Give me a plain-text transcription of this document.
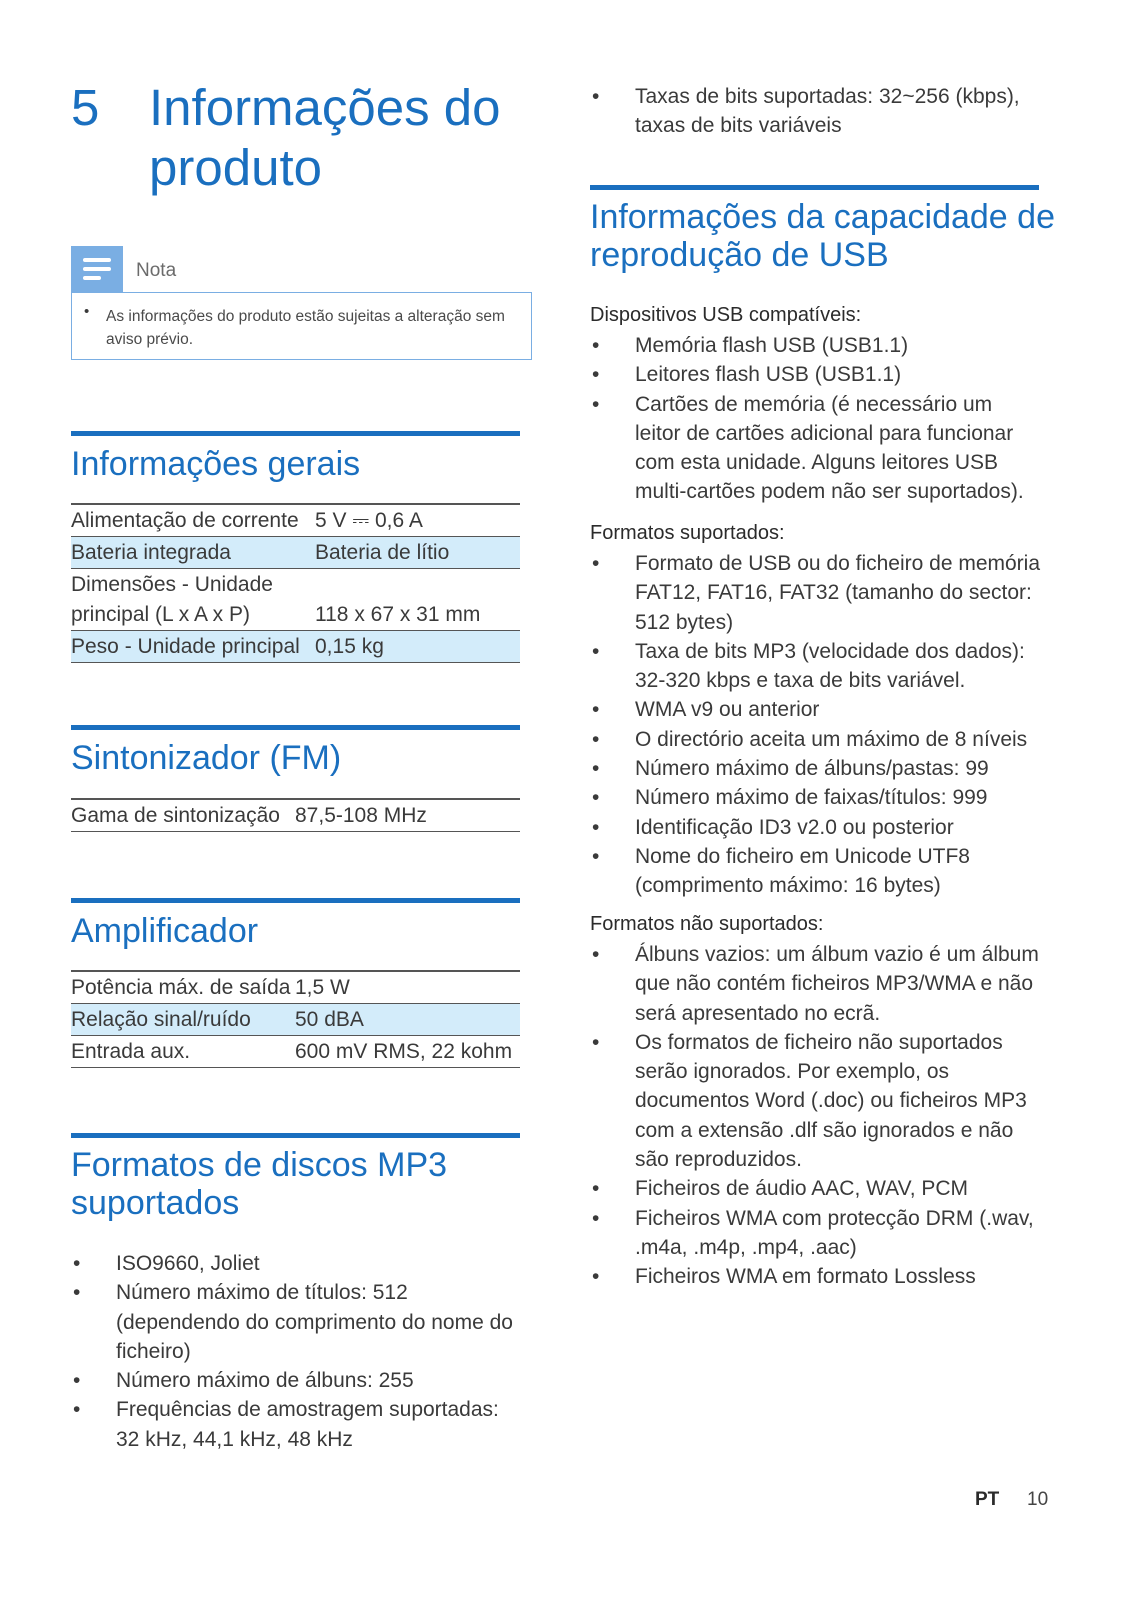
5 Informações do
produto
Nota
• As informações do produto estão sujeitas a alteração sem aviso prévio.
Informações gerais
Alimentação de corrente	5 V ⎓ 0,6 A
Bateria integrada	Bateria de lítio
Dimensões - Unidade
principal (L x A x P)	118 x 67 x 31 mm
Peso - Unidade principal	0,15 kg
Sintonizador (FM)
Gama de sintonização	87,5-108 MHz
Amplificador
Potência máx. de saída	1,5 W
Relação sinal/ruído	50 dBA
Entrada aux.	600 mV RMS, 22 kohm
Formatos de discos MP3
suportados
• ISO9660, Joliet
• Número máximo de títulos: 512 (dependendo do comprimento do nome do ficheiro)
• Número máximo de álbuns: 255
• Frequências de amostragem suportadas: 32 kHz, 44,1 kHz, 48 kHz
• Taxas de bits suportadas: 32~256 (kbps), taxas de bits variáveis
Informações da capacidade de
reprodução de USB
Dispositivos USB compatíveis:
• Memória flash USB (USB1.1)
• Leitores flash USB (USB1.1)
• Cartões de memória (é necessário um leitor de cartões adicional para funcionar com esta unidade. Alguns leitores USB multi-cartões podem não ser suportados).
Formatos suportados:
• Formato de USB ou do ficheiro de memória FAT12, FAT16, FAT32 (tamanho do sector: 512 bytes)
• Taxa de bits MP3 (velocidade dos dados): 32-320 kbps e taxa de bits variável.
• WMA v9 ou anterior
• O directório aceita um máximo de 8 níveis
• Número máximo de álbuns/pastas: 99
• Número máximo de faixas/títulos: 999
• Identificação ID3 v2.0 ou posterior
• Nome do ficheiro em Unicode UTF8 (comprimento máximo: 16 bytes)
Formatos não suportados:
• Álbuns vazios: um álbum vazio é um álbum que não contém ficheiros MP3/WMA e não será apresentado no ecrã.
• Os formatos de ficheiro não suportados serão ignorados. Por exemplo, os documentos Word (.doc) ou ficheiros MP3 com a extensão .dlf são ignorados e não são reproduzidos.
• Ficheiros de áudio AAC, WAV, PCM
• Ficheiros WMA com protecção DRM (.wav, .m4a, .m4p, .mp4, .aac)
• Ficheiros WMA em formato Lossless
PT 10
